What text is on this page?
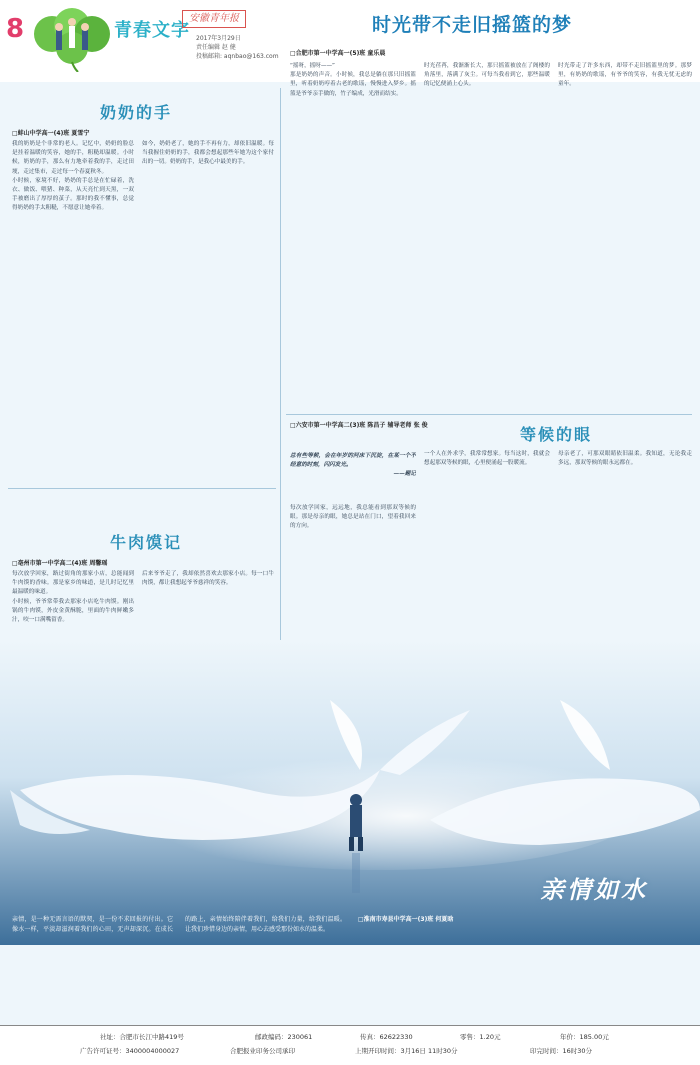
8	青春文字
安徽青年报
2017年3月29日
责任编辑 赵 健
投稿邮箱: aqnbao@163.com
时光带不走旧摇篮的梦
奶奶的手
□蚌山中学高一(4)班 夏雪宁

我的奶奶是个非常的老人。记忆中，奶奶的脸总是挂着温暖的笑容，她的手，粗糙却温暖。小时候，奶奶的手，那么有力地牵着我的手，走过田埂，走过集市，走过每一个春夏秋冬。

小时候，家境不好，奶奶的手总是在忙碌着，洗衣、做饭、喂猪、种菜，从天亮忙到天黑，一双手被磨出了厚厚的茧子。那时的我不懂事，总觉得奶奶的手太粗糙，不愿意让她牵着。

如今，奶奶老了，她的手不再有力，却依旧温暖。每当我握住奶奶的手，我都会想起那些年她为这个家付出的一切。奶奶的手，是我心中最美的手。

牛肉馍记
□亳州市第一中学高二(4)班 周馨瑶

每次放学回家，路过街角的那家小店，总能闻到牛肉馍的香味。那是家乡的味道，是儿时记忆里最温暖的味道。

小时候，爷爷常带我去那家小店吃牛肉馍。刚出锅的牛肉馍，外皮金黄酥脆，里面的牛肉鲜嫩多汁，咬一口满嘴留香。

后来爷爷走了，我却依然喜欢去那家小店。每一口牛肉馍，都让我想起爷爷慈祥的笑容。

□合肥市第一中学高一(5)班 童乐晨

“摇呀，摇呀——”

那是奶奶的声音。小时候，我总是躺在那只旧摇篮里，听着奶奶哼着古老的歌谣，慢慢进入梦乡。摇篮是爷爷亲手做的，竹子编成，光滑而结实。

时光荏苒，我渐渐长大，那只摇篮被放在了阁楼的角落里，落满了灰尘。可每当我看到它，那些温暖的记忆便涌上心头。

时光带走了许多东西，却带不走旧摇篮里的梦。那梦里，有奶奶的歌谣，有爷爷的笑容，有我无忧无虑的童年。

等候的眼
□六安市第一中学高二(3)班 陈昌子 辅导老师 张 俊

总有些等候，会在年岁的河床下沉淀，在某一个不经意的时刻，闪闪发光。

——题记

每次放学回家，远远地，我总能看到那双等候的眼。那是母亲的眼，她总是站在门口，望着我回来的方向。

一个人在外求学，我常常想家。每当这时，我就会想起那双等候的眼，心里便涌起一股暖流。

母亲老了，可那双眼睛依旧温柔。我知道，无论我走多远，那双等候的眼永远都在。

亲情如水

亲情，是一种无需言语的默契，是一份不求回报的付出。它像水一样，平淡却滋润着我们的心田，无声却深沉。在成长的路上，亲情始终陪伴着我们，给我们力量，给我们温暖。让我们珍惜身边的亲情，用心去感受那份如水的温柔。

□淮南市寿县中学高一(3)班 何夏晗

社址：合肥市长江中路419号	邮政编码：230061	传真：62622330	零售：1.20元	年价：185.00元
广告许可证号：3400004000027	合肥报业印务公司承印	上期开印时间：3月16日 11时30分	印完时间：16时30分
